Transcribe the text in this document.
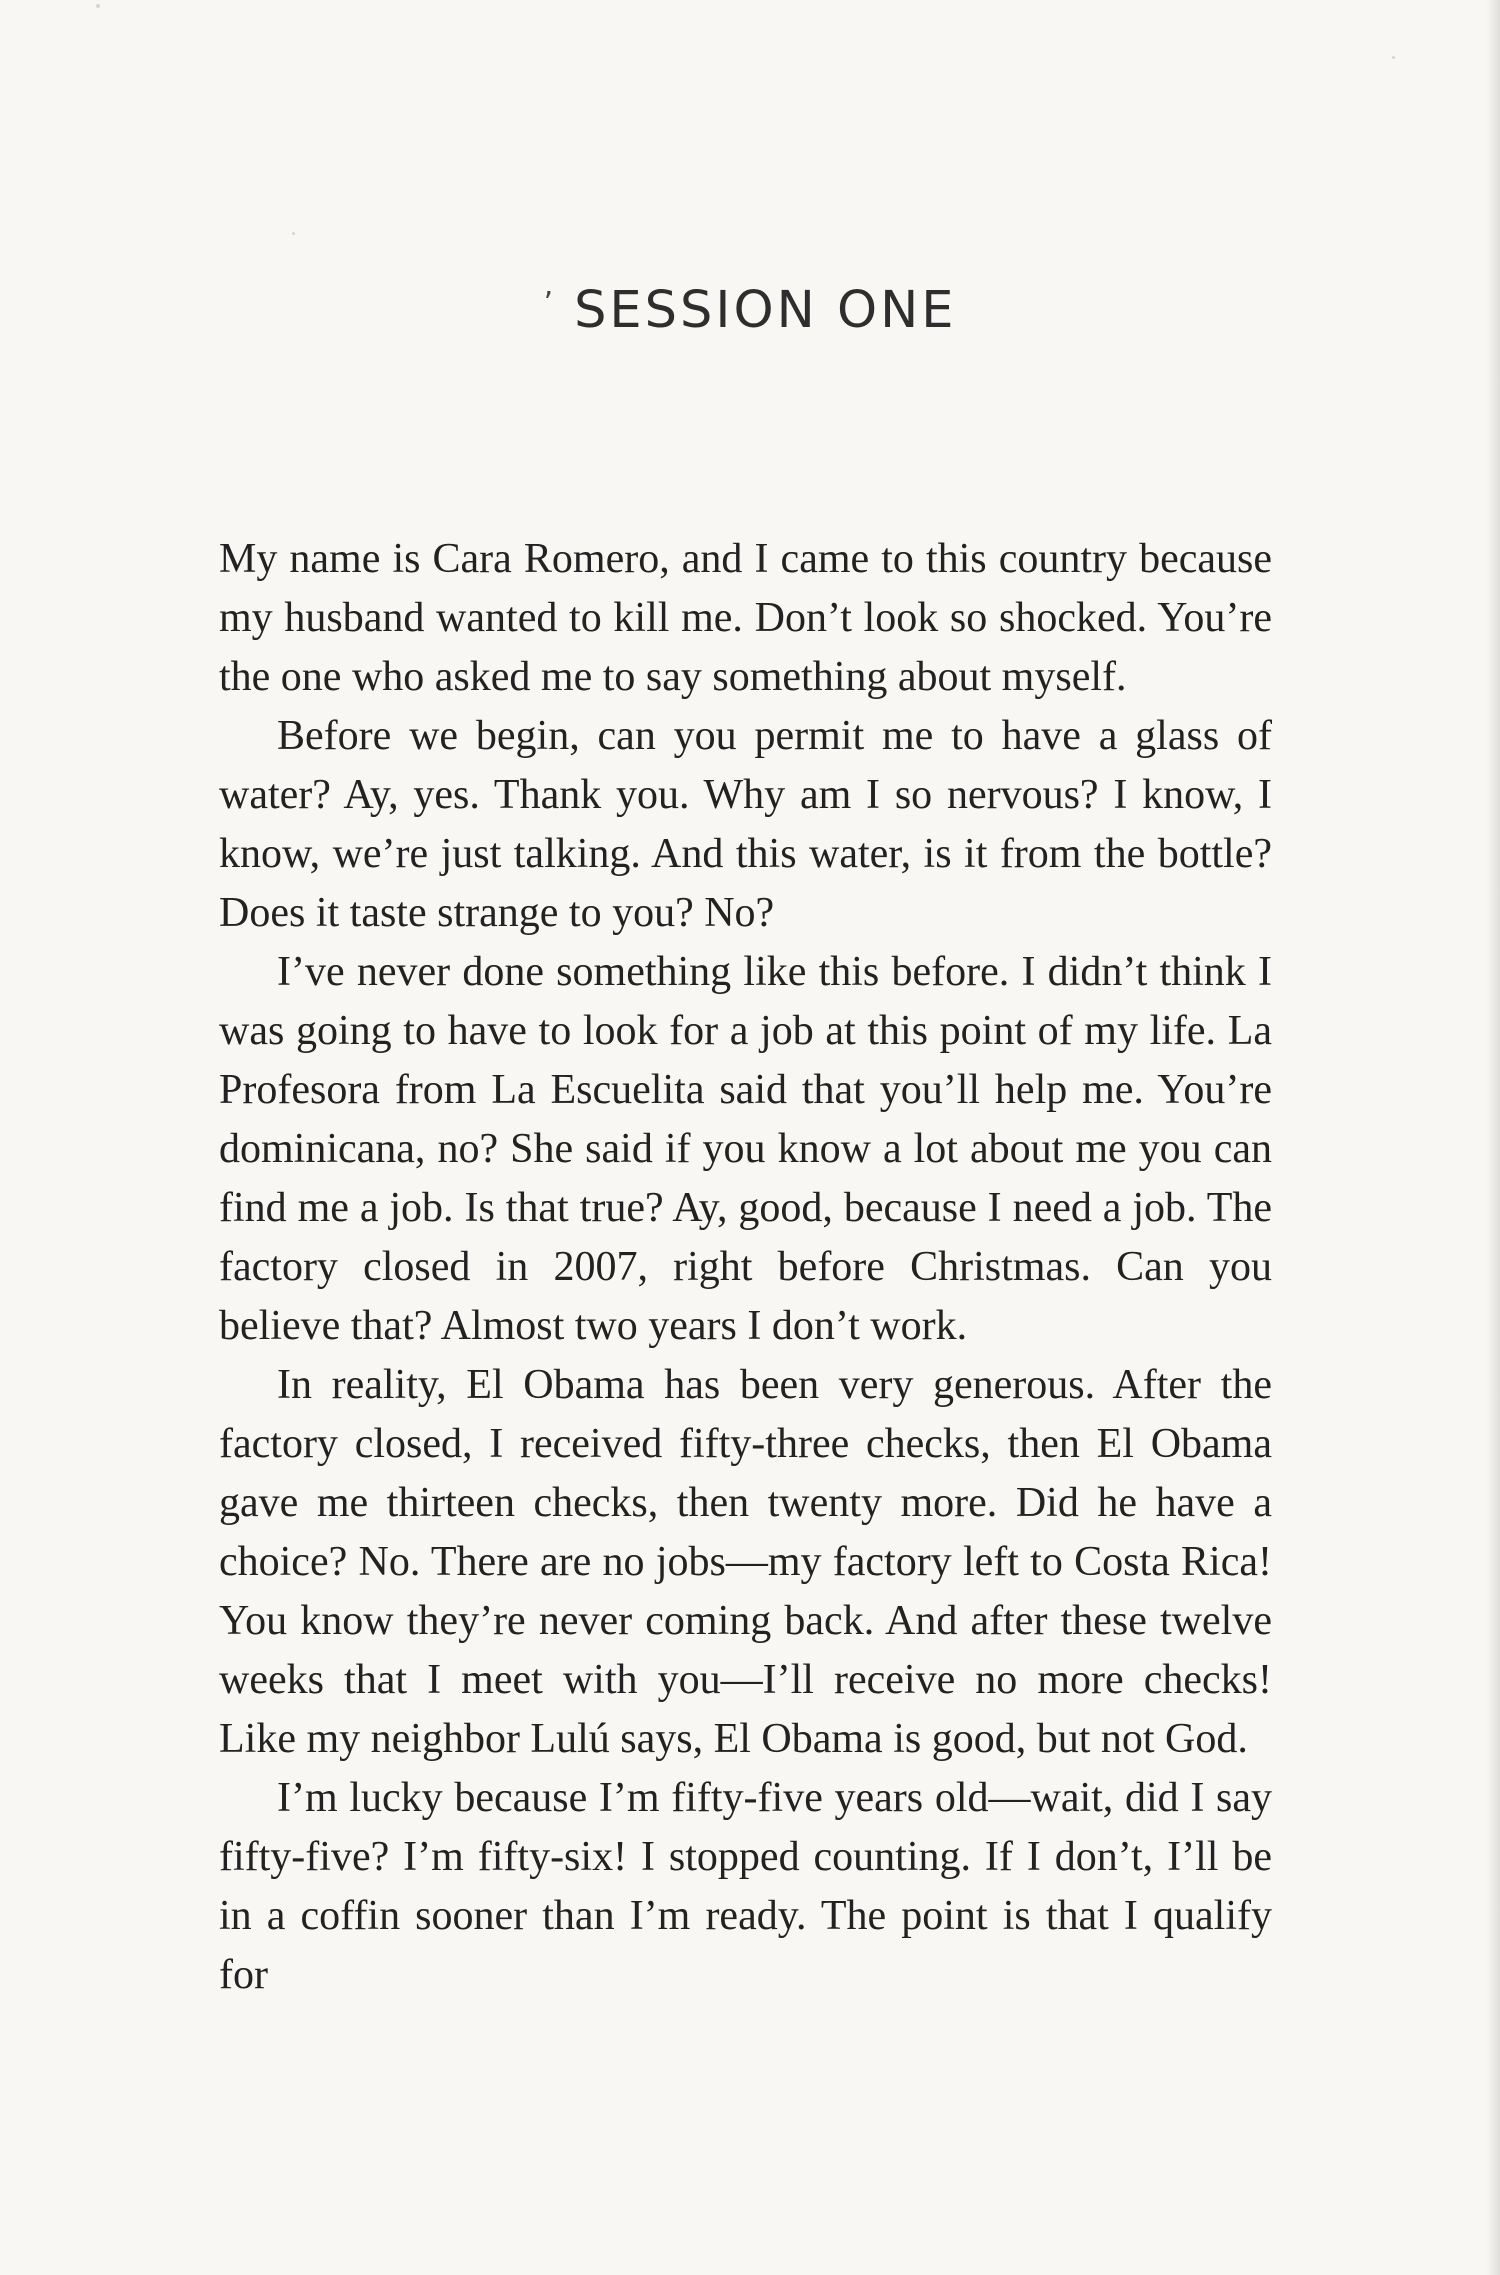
’ SESSION ONE

My name is Cara Romero, and I came to this country because my husband wanted to kill me. Don’t look so shocked. You’re the one who asked me to say something about myself.

Before we begin, can you permit me to have a glass of water? Ay, yes. Thank you. Why am I so nervous? I know, I know, we’re just talking. And this water, is it from the bottle? Does it taste strange to you? No?

I’ve never done something like this before. I didn’t think I was going to have to look for a job at this point of my life. La Profesora from La Escuelita said that you’ll help me. You’re dominicana, no? She said if you know a lot about me you can find me a job. Is that true? Ay, good, because I need a job. The factory closed in 2007, right before Christmas. Can you believe that? Almost two years I don’t work.

In reality, El Obama has been very generous. After the factory closed, I received fifty-three checks, then El Obama gave me thirteen checks, then twenty more. Did he have a choice? No. There are no jobs—my factory left to Costa Rica! You know they’re never coming back. And after these twelve weeks that I meet with you—I’ll receive no more checks! Like my neighbor Lulú says, El Obama is good, but not God.

I’m lucky because I’m fifty-five years old—wait, did I say fifty-five? I’m fifty-six! I stopped counting. If I don’t, I’ll be in a coffin sooner than I’m ready. The point is that I qualify for
